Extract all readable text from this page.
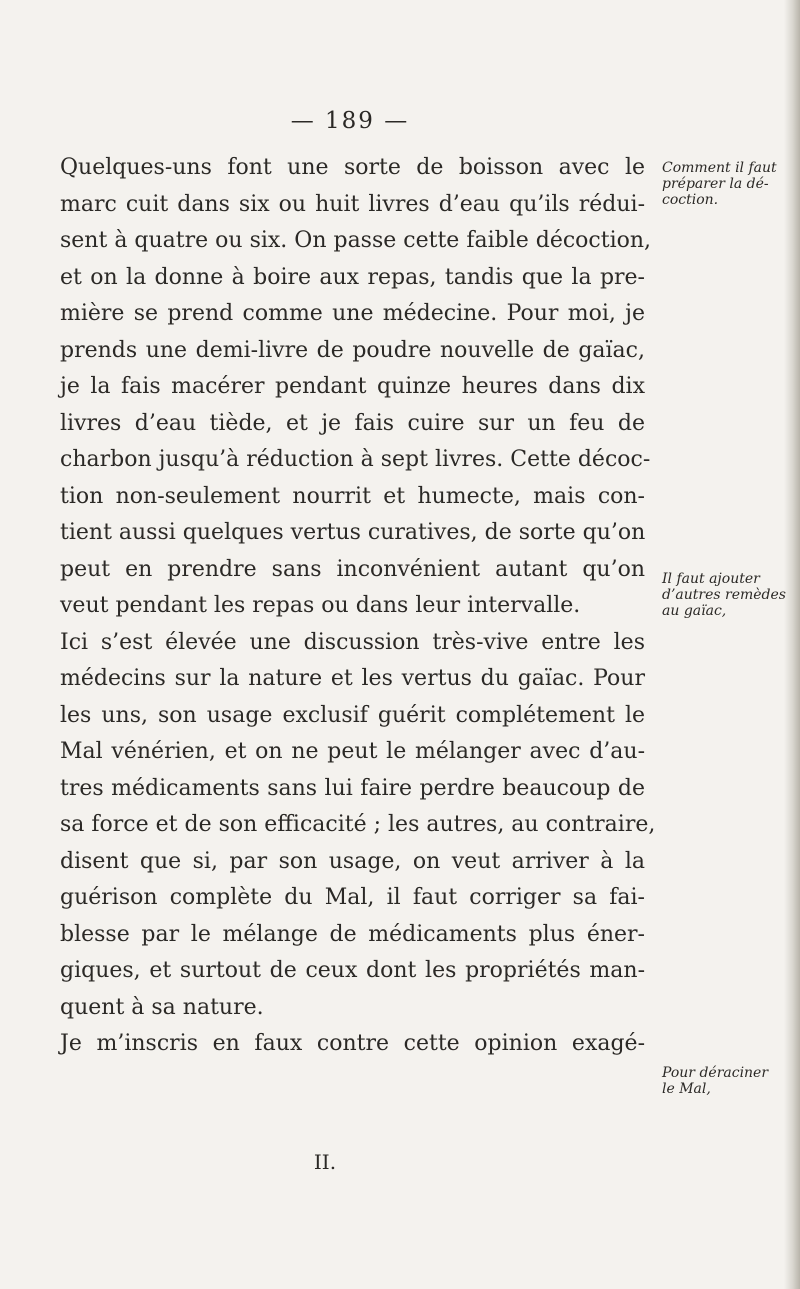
— 189 —
Quelques-uns font une sorte de boisson avec le
marc cuit dans six ou huit livres d’eau qu’ils rédui-
sent à quatre ou six. On passe cette faible décoction,
et on la donne à boire aux repas, tandis que la pre-
mière se prend comme une médecine. Pour moi, je
prends une demi-livre de poudre nouvelle de gaïac,
je la fais macérer pendant quinze heures dans dix
livres d’eau tiède, et je fais cuire sur un feu de
charbon jusqu’à réduction à sept livres. Cette décoc-
tion non-seulement nourrit et humecte, mais con-
tient aussi quelques vertus curatives, de sorte qu’on
peut en prendre sans inconvénient autant qu’on
veut pendant les repas ou dans leur intervalle.
Ici s’est élevée une discussion très-vive entre les
médecins sur la nature et les vertus du gaïac. Pour
les uns, son usage exclusif guérit complétement le
Mal vénérien, et on ne peut le mélanger avec d’au-
tres médicaments sans lui faire perdre beaucoup de
sa force et de son efficacité ; les autres, au contraire,
disent que si, par son usage, on veut arriver à la
guérison complète du Mal, il faut corriger sa fai-
blesse par le mélange de médicaments plus éner-
giques, et surtout de ceux dont les propriétés man-
quent à sa nature.
Je m’inscris en faux contre cette opinion exagé-
Comment il faut
préparer la dé-
coction.
Il faut ajouter
d’autres remèdes
au gaïac,
Pour déraciner
le Mal,
II.
